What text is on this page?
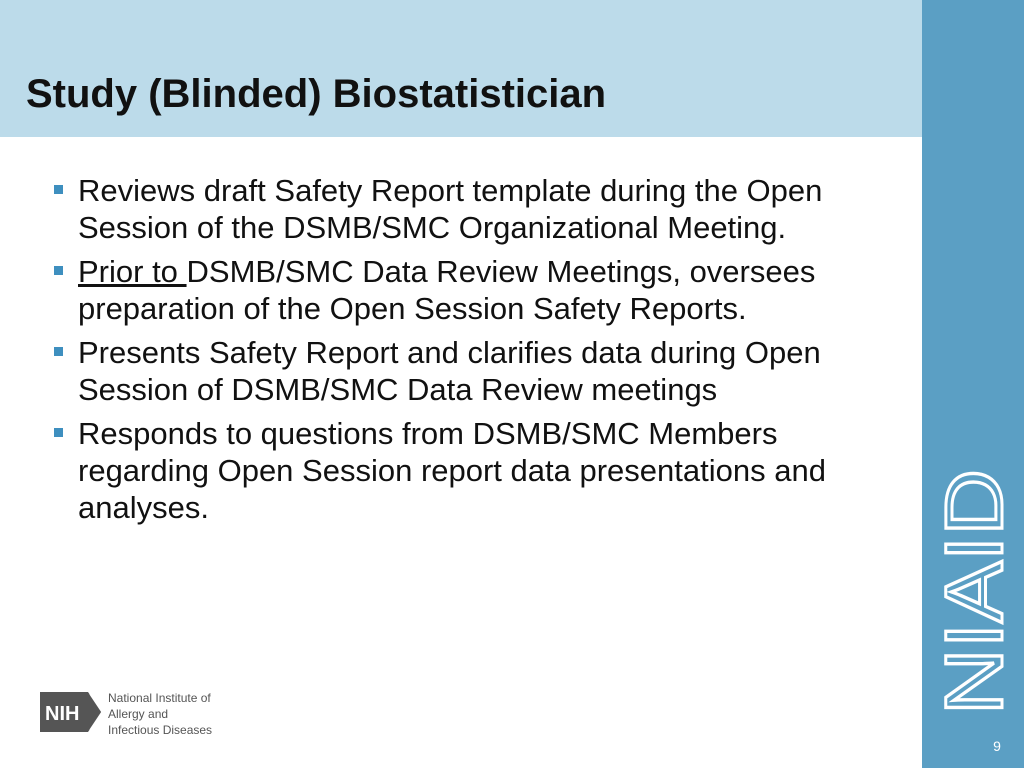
Study (Blinded) Biostatistician
NIAID
Reviews draft Safety Report template during the Open Session of the DSMB/SMC Organizational Meeting.
Prior to DSMB/SMC Data Review Meetings, oversees preparation of the Open Session Safety Reports.
Presents Safety Report and clarifies data during Open Session of DSMB/SMC Data Review meetings
Responds to questions from DSMB/SMC Members regarding Open Session report data presentations and analyses.
NIH
National Institute of
Allergy and
Infectious Diseases
9
